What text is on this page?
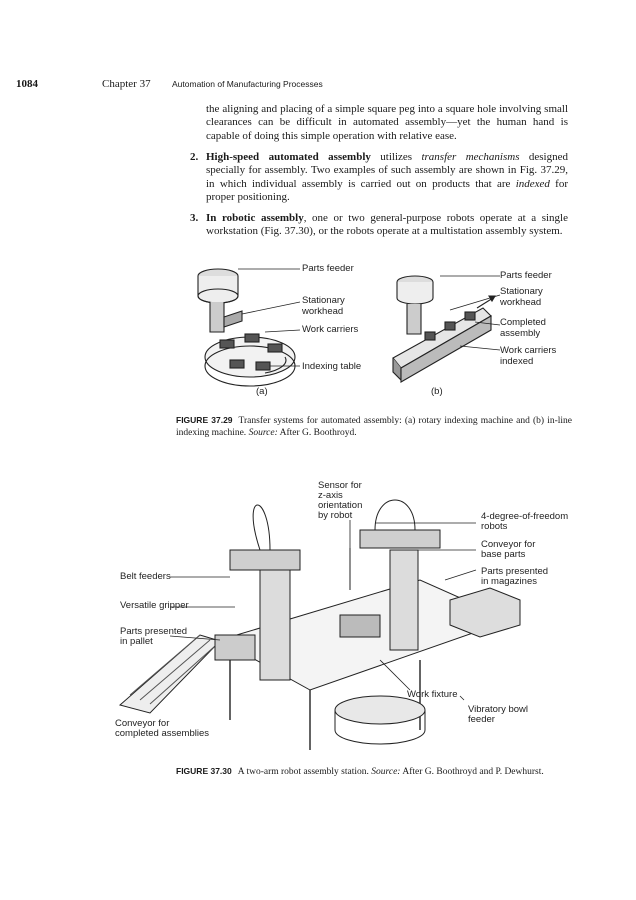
1084	Chapter 37	Automation of Manufacturing Processes
the aligning and placing of a simple square peg into a square hole involving small clearances can be difficult in automated assembly—yet the human hand is capable of doing this simple operation with relative ease.
2. High-speed automated assembly utilizes transfer mechanisms designed specially for assembly. Two examples of such assembly are shown in Fig. 37.29, in which individual assembly is carried out on products that are indexed for proper positioning.
3. In robotic assembly, one or two general-purpose robots operate at a single workstation (Fig. 37.30), or the robots operate at a multistation assembly system.
Parts feeder
Stationary
workhead
Work carriers
Indexing table
(a)
Parts feeder
Stationary
workhead
Completed
assembly
Work carriers
indexed
(b)
FIGURE 37.29 Transfer systems for automated assembly: (a) rotary indexing machine and (b) in-line indexing machine. Source: After G. Boothroyd.
Sensor for
z-axis
orientation
by robot	4-degree-of-freedom
robots
Conveyor for
base parts
Parts presented
in magazines
Belt feeders
Versatile gripper
Parts presented
in pallet
Work fixture
Vibratory bowl
feeder
Conveyor for
completed assemblies
FIGURE 37.30 A two-arm robot assembly station. Source: After G. Boothroyd and P. Dewhurst.
